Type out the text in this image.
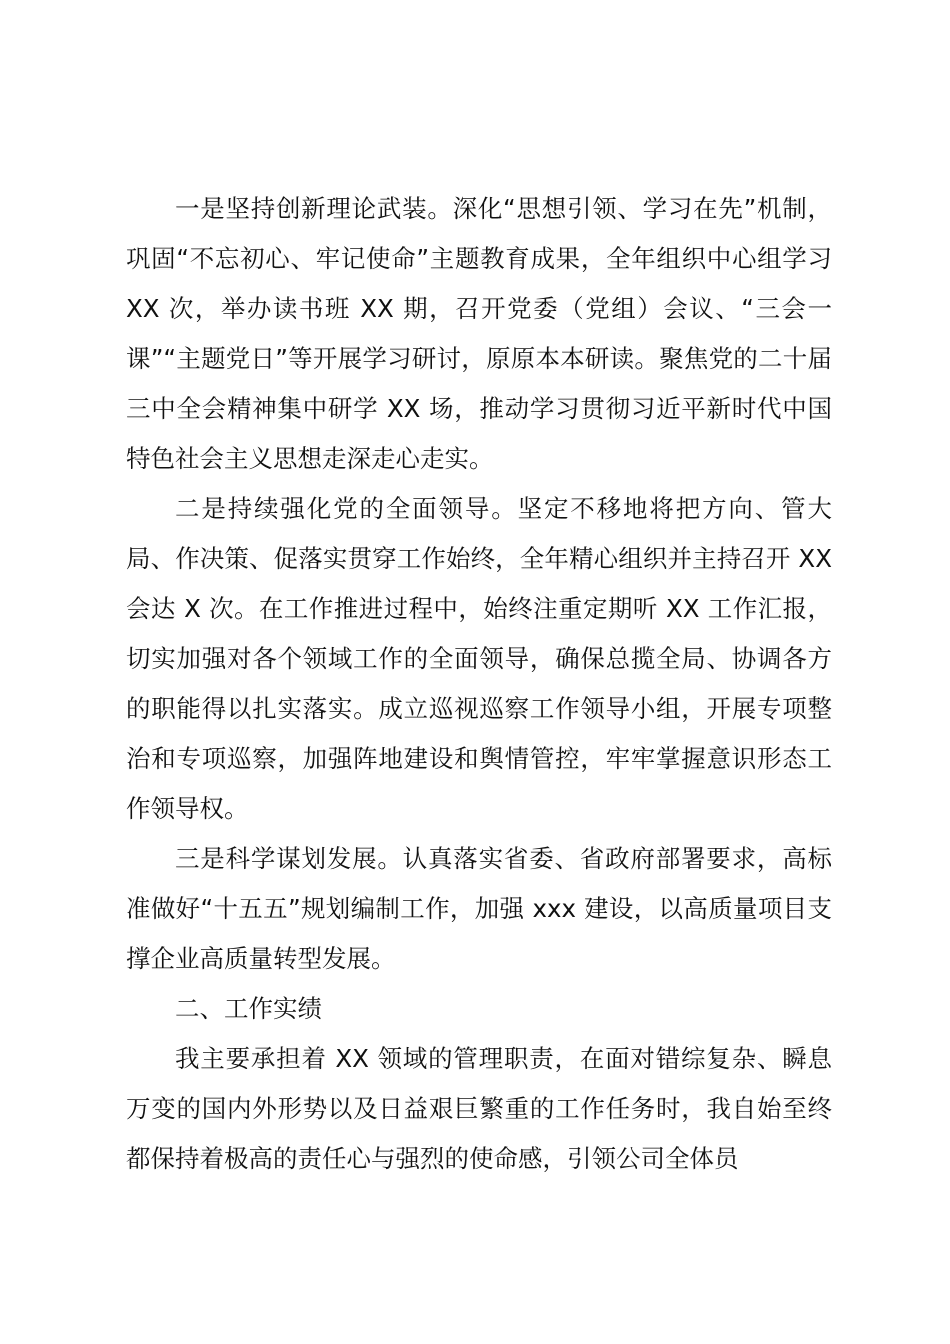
一是坚持创新理论武装。深化“思想引领、学习在先”机制，巩固“不忘初心、牢记使命”主题教育成果，全年组织中心组学习 XX 次，举办读书班 XX 期，召开党委（党组）会议、“三会一课”“主题党日”等开展学习研讨，原原本本研读。聚焦党的二十届三中全会精神集中研学 XX 场，推动学习贯彻习近平新时代中国特色社会主义思想走深走心走实。

二是持续强化党的全面领导。坚定不移地将把方向、管大局、作决策、促落实贯穿工作始终，全年精心组织并主持召开 XX 会达 X 次。在工作推进过程中，始终注重定期听 XX 工作汇报，切实加强对各个领域工作的全面领导，确保总揽全局、协调各方的职能得以扎实落实。成立巡视巡察工作领导小组，开展专项整治和专项巡察，加强阵地建设和舆情管控，牢牢掌握意识形态工作领导权。

三是科学谋划发展。认真落实省委、省政府部署要求，高标准做好“十五五”规划编制工作，加强 xxx 建设，以高质量项目支撑企业高质量转型发展。

二、工作实绩

我主要承担着 XX 领域的管理职责，在面对错综复杂、瞬息万变的国内外形势以及日益艰巨繁重的工作任务时，我自始至终都保持着极高的责任心与强烈的使命感，引领公司全体员
